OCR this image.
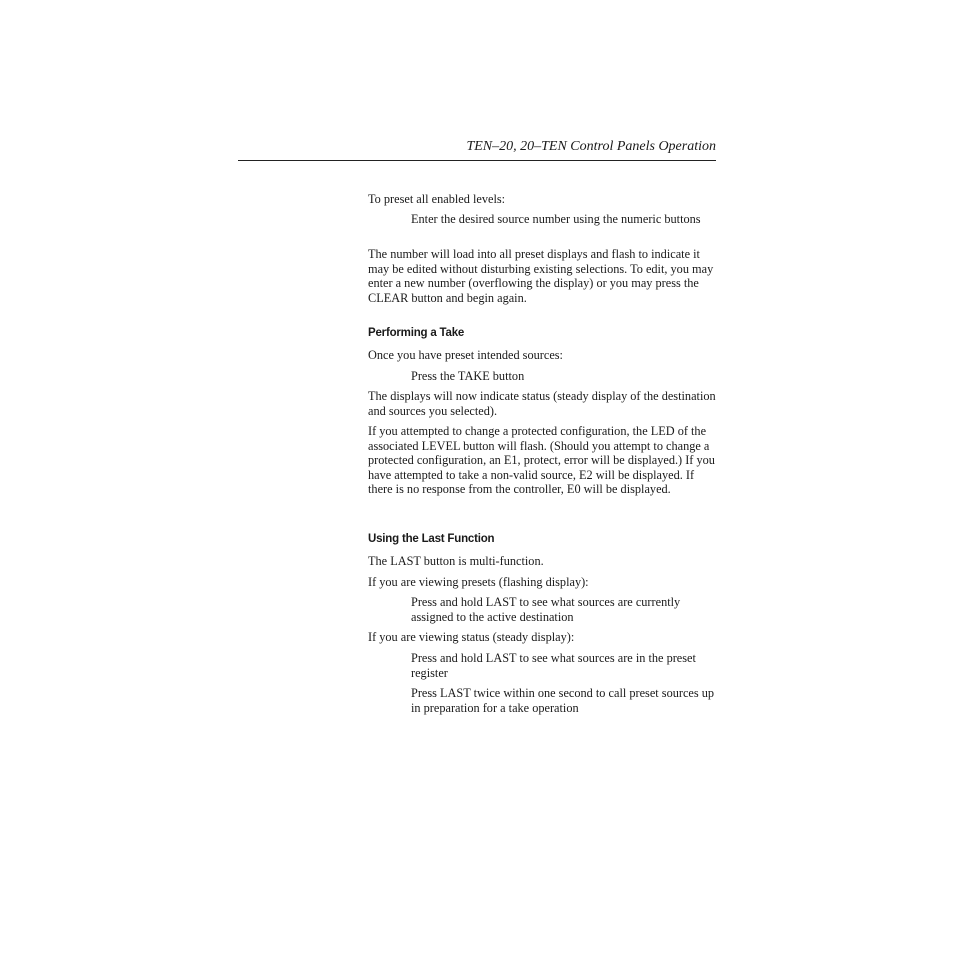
TEN–20, 20–TEN Control Panels Operation

To preset all enabled levels:

Enter the desired source number using the numeric buttons

The number will load into all preset displays and flash to indicate it may be edited without disturbing existing selections. To edit, you may enter a new number (overflowing the display) or you may press the CLEAR button and begin again.

Performing a Take

Once you have preset intended sources:

Press the TAKE button

The displays will now indicate status (steady display of the destination and sources you selected).

If you attempted to change a protected configuration, the LED of the associated LEVEL button will flash. (Should you attempt to change a protected configuration, an E1, protect, error will be displayed.) If you have attempted to take a non-valid source, E2 will be displayed. If there is no response from the controller, E0 will be displayed.

Using the Last Function

The LAST button is multi-function.

If you are viewing presets (flashing display):

Press and hold LAST to see what sources are currently assigned to the active destination

If you are viewing status (steady display):

Press and hold LAST to see what sources are in the preset register

Press LAST twice within one second to call preset sources up in preparation for a take operation
